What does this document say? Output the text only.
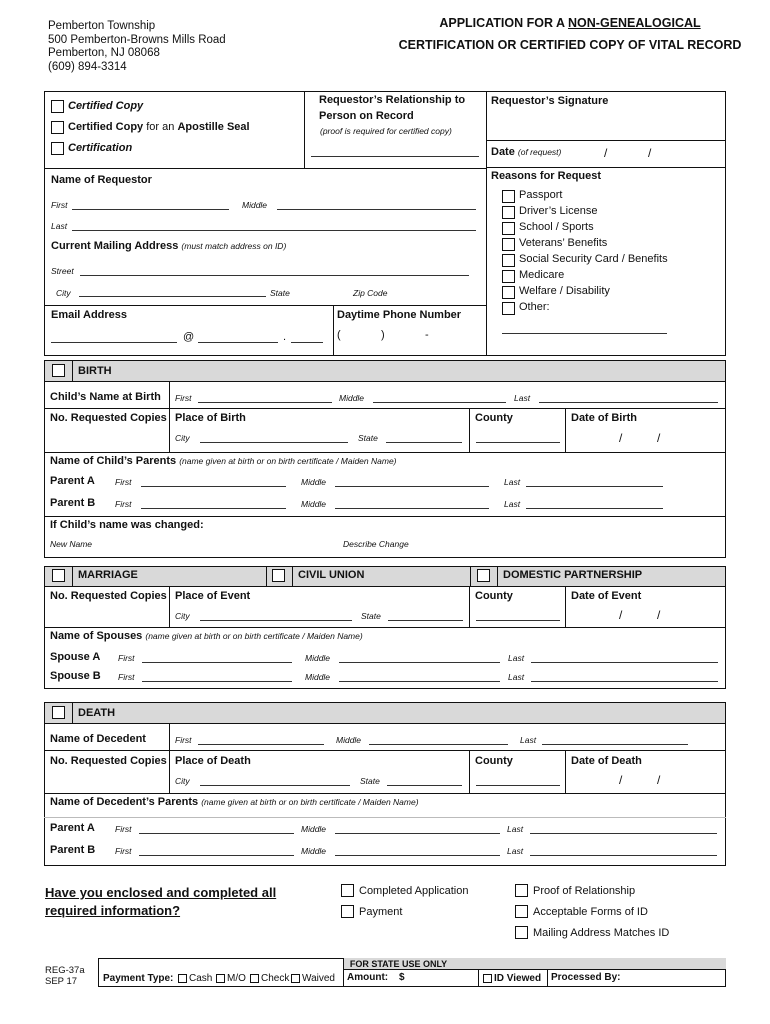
Pemberton Township
500 Pemberton-Browns Mills Road
Pemberton, NJ 08068
(609) 894-3314
APPLICATION FOR A NON-GENEALOGICAL
CERTIFICATION OR CERTIFIED COPY OF VITAL RECORD
Certified Copy
Certified Copy for an Apostille Seal
Certification
Requestor’s Relationship to
Person on Record
(proof is required for certified copy)
Requestor’s Signature
Date (of request)	/	/
Name of Requestor
First	Middle
Last
Current Mailing Address (must match address on ID)
Street
City	State	Zip Code
Email Address
@	.
Daytime Phone Number
(	)	-
Reasons for Request
Passport
Driver’s License
School / Sports
Veterans’ Benefits
Social Security Card / Benefits
Medicare
Welfare / Disability
Other:
BIRTH
Child’s Name at Birth First	Middle	Last
No. Requested Copies Place of Birth	County	Date of Birth
City	State	/	/
Name of Child’s Parents (name given at birth or on birth certificate / Maiden Name)
Parent A First	Middle	Last
Parent B First	Middle	Last
If Child’s name was changed:
New Name	Describe Change
MARRIAGE	CIVIL UNION	DOMESTIC PARTNERSHIP
No. Requested Copies Place of Event	County	Date of Event
City	State	/	/
Name of Spouses (name given at birth or on birth certificate / Maiden Name)
Spouse A First	Middle	Last
Spouse B First	Middle	Last
DEATH
Name of Decedent	First	Middle	Last
No. Requested Copies Place of Death	County	Date of Death
City	State	/	/
Name of Decedent’s Parents (name given at birth or on birth certificate / Maiden Name)
Parent A First	Middle	Last
Parent B First	Middle	Last
Have you enclosed and completed all
required information?
Completed Application
Payment
Proof of Relationship
Acceptable Forms of ID
Mailing Address Matches ID
REG-37a
SEP 17
FOR STATE USE ONLY
Payment Type: Cash M/O Check Waived Amount: $	ID Viewed Processed By:
